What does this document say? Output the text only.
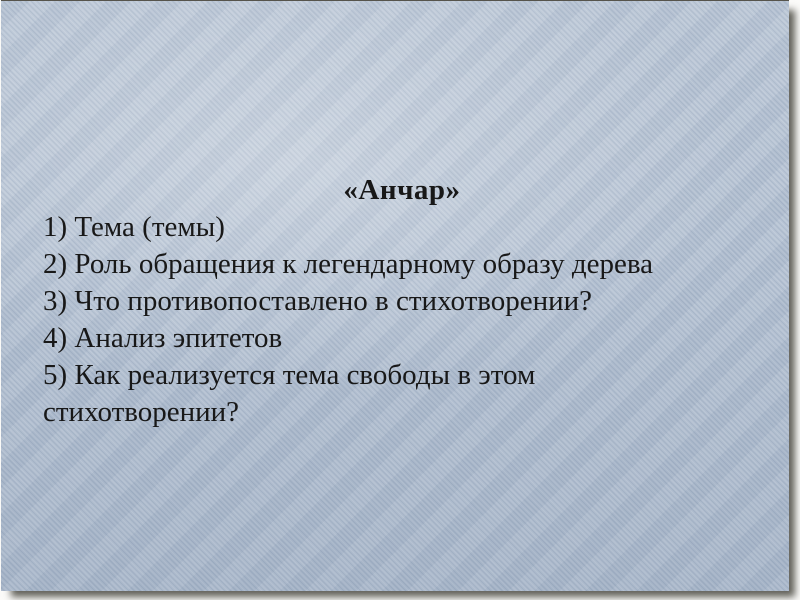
«Анчар»
1) Тема (темы)
2) Роль обращения к легендарному образу дерева
3) Что противопоставлено в стихотворении?
4) Анализ эпитетов
5) Как реализуется тема свободы в этом
стихотворении?
